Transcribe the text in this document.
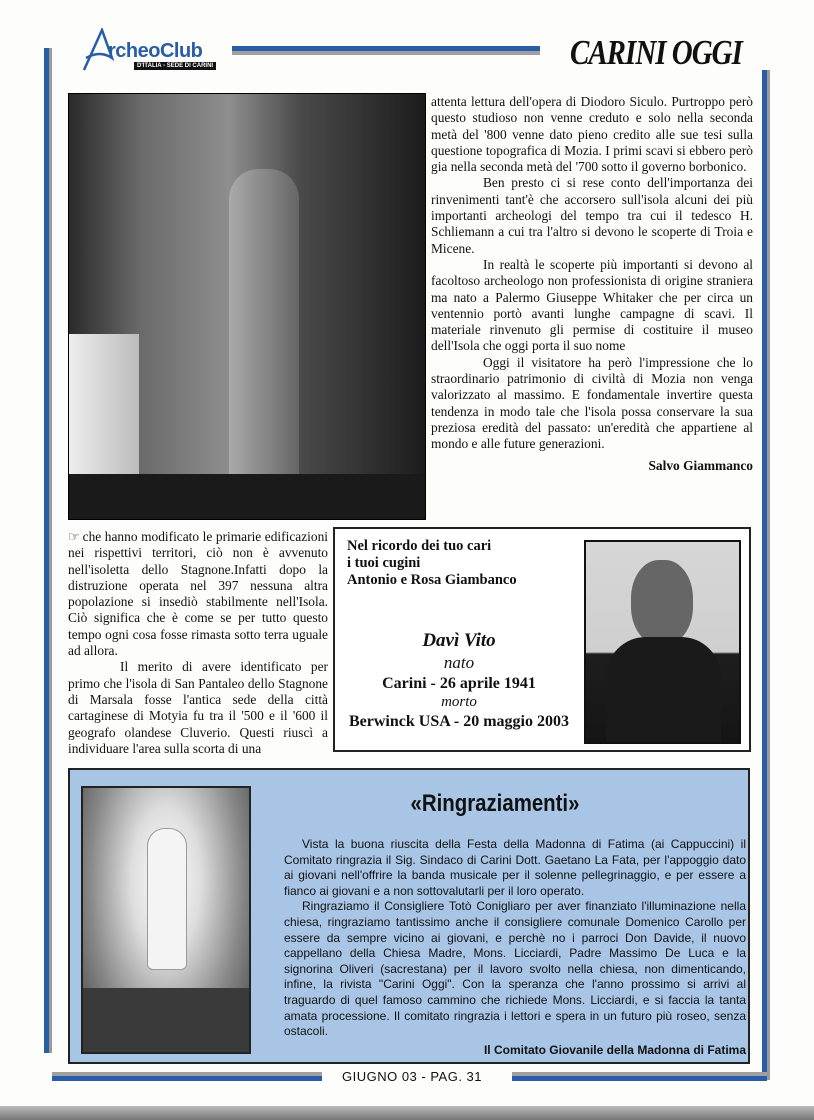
rcheoClub
D'ITALIA - SEDE DI CARINI	CARINI OGGI

attenta lettura dell'opera di Diodoro Siculo. Purtroppo però questo studioso non venne creduto e solo nella seconda metà del '800 venne dato pieno credito alle sue tesi sulla questione topografica di Mozia. I primi scavi si ebbero però gia nella seconda metà del '700 sotto il governo borbonico.

Ben presto ci si rese conto dell'importanza dei rinvenimenti tant'è che accorsero sull'isola alcuni dei più importanti archeologi del tempo tra cui il tedesco H. Schliemann a cui tra l'altro si devono le scoperte di Troia e Micene.

In realtà le scoperte più importanti si devono al facoltoso archeologo non professionista di origine straniera ma nato a Palermo Giuseppe Whitaker che per circa un ventennio portò avanti lunghe campagne di scavi. Il materiale rinvenuto gli permise di costituire il museo dell'Isola che oggi porta il suo nome

Oggi il visitatore ha però l'impressione che lo straordinario patrimonio di civiltà di Mozia non venga valorizzato al massimo. E fondamentale invertire questa tendenza in modo tale che l'isola possa conservare la sua preziosa eredità del passato: un'eredità che appartiene al mondo e alle future generazioni.

Salvo Giammanco

☞ che hanno modificato le primarie edificazioni nei rispettivi territori, ciò non è avvenuto nell'isoletta dello Stagnone.Infatti dopo la distruzione operata nel 397 nessuna altra popolazione si insediò stabilmente nell'Isola. Ciò significa che è come se per tutto questo tempo ogni cosa fosse rimasta sotto terra uguale ad allora.

Il merito di avere identificato per primo che l'isola di San Pantaleo dello Stagnone di Marsala fosse l'antica sede della città cartaginese di Motyia fu tra il '500 e il '600 il geografo olandese Cluverio. Questi riuscì a individuare l'area sulla scorta di una

Nel ricordo dei tuo cari
i tuoi cugini
Antonio e Rosa Giambanco
Davì Vito
nato
Carini - 26 aprile 1941
morto
Berwinck USA - 20 maggio 2003
«Ringraziamenti»

Vista la buona riuscita della Festa della Madonna di Fatima (ai Cappuccini) il Comitato ringrazia il Sig. Sindaco di Carini Dott. Gaetano La Fata, per l'appoggio dato ai giovani nell'offrire la banda musicale per il solenne pellegrinaggio, e per essere a fianco ai giovani e a non sottovalutarli per il loro operato.

Ringraziamo il Consigliere Totò Conigliaro per aver finanziato l'illuminazione nella chiesa, ringraziamo tantissimo anche il consigliere comunale Domenico Carollo per essere da sempre vicino ai giovani, e perchè no i parroci Don Davide, il nuovo cappellano della Chiesa Madre, Mons. Licciardi, Padre Massimo De Luca e la signorina Oliveri (sacrestana) per il lavoro svolto nella chiesa, non dimenticando, infine, la rivista "Carini Oggi". Con la speranza che l'anno prossimo si arrivi al traguardo di quel famoso cammino che richiede Mons. Licciardi, e si faccia la tanta amata processione. Il comitato ringrazia i lettori e spera in un futuro più roseo, senza ostacoli.

Il Comitato Giovanile della Madonna di Fatima

GIUGNO 03 - PAG. 31
